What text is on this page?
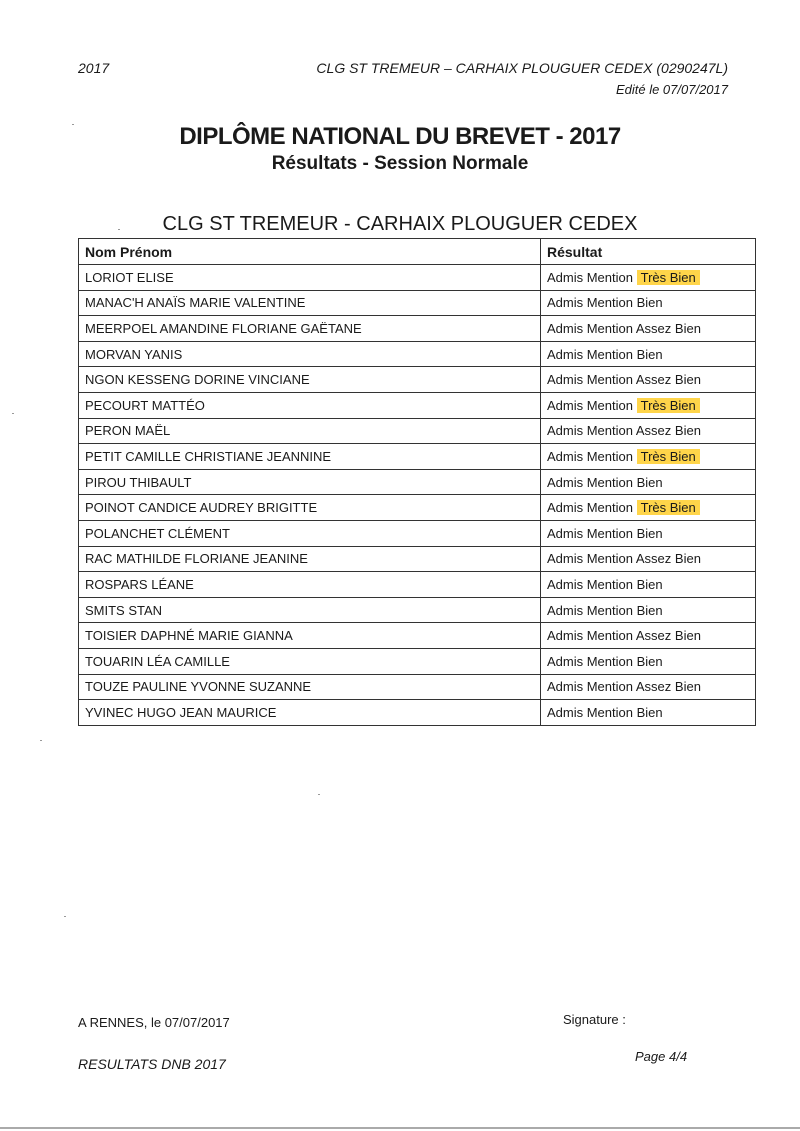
2017	CLG ST TREMEUR – CARHAIX PLOUGUER CEDEX (0290247L)
Edité le 07/07/2017
DIPLÔME NATIONAL DU BREVET - 2017
Résultats - Session Normale
CLG ST TREMEUR - CARHAIX PLOUGUER CEDEX
Nom Prénom	Résultat
LORIOT ELISE	Admis Mention Très Bien
MANAC'H ANAÏS MARIE VALENTINE	Admis Mention Bien
MEERPOEL AMANDINE FLORIANE GAËTANE	Admis Mention Assez Bien
MORVAN YANIS	Admis Mention Bien
NGON KESSENG DORINE VINCIANE	Admis Mention Assez Bien
PECOURT MATTÉO	Admis Mention Très Bien
PERON MAËL	Admis Mention Assez Bien
PETIT CAMILLE CHRISTIANE JEANNINE	Admis Mention Très Bien
PIROU THIBAULT	Admis Mention Bien
POINOT CANDICE AUDREY BRIGITTE	Admis Mention Très Bien
POLANCHET CLÉMENT	Admis Mention Bien
RAC MATHILDE FLORIANE JEANINE	Admis Mention Assez Bien
ROSPARS LÉANE	Admis Mention Bien
SMITS STAN	Admis Mention Bien
TOISIER DAPHNÉ MARIE GIANNA	Admis Mention Assez Bien
TOUARIN LÉA CAMILLE	Admis Mention Bien
TOUZE PAULINE YVONNE SUZANNE	Admis Mention Assez Bien
YVINEC HUGO JEAN MAURICE	Admis Mention Bien
A RENNES, le 07/07/2017	Signature :
RESULTATS DNB 2017	Page 4/4
